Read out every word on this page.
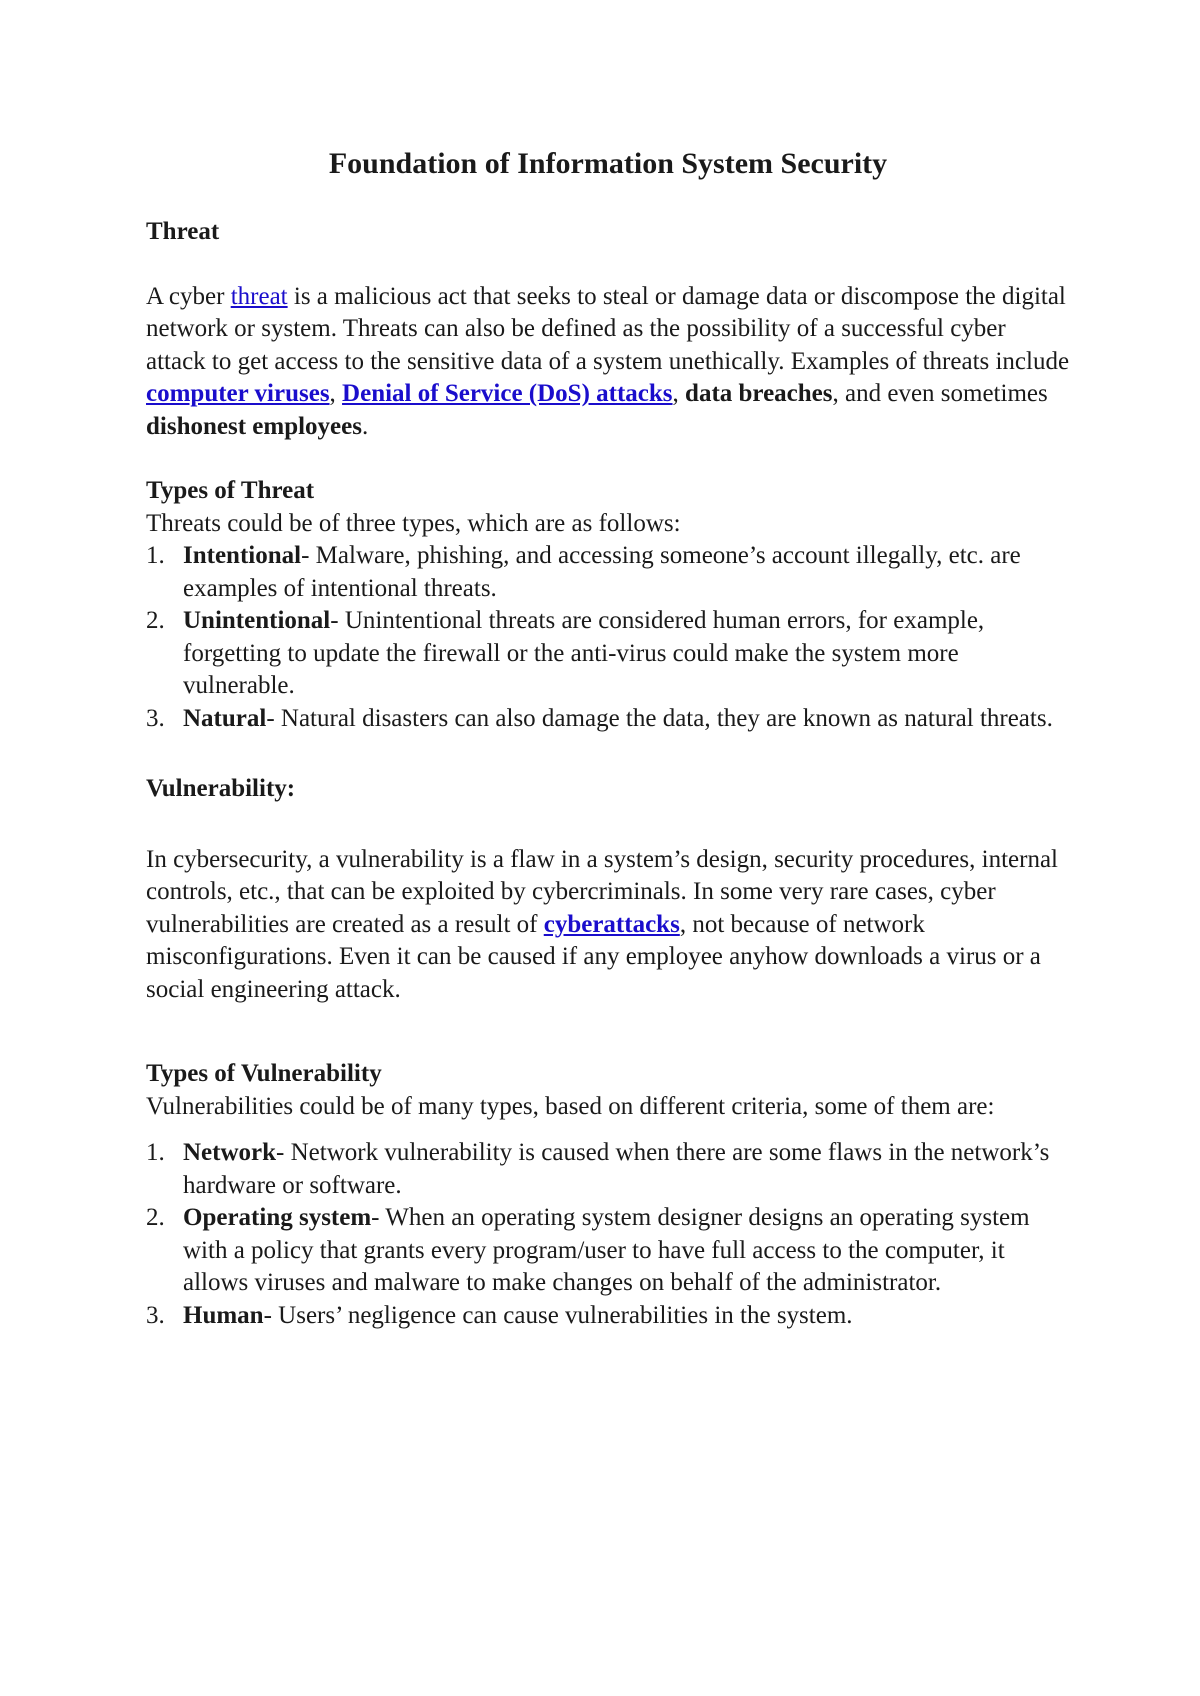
Foundation of Information System Security

Threat

A cyber threat is a malicious act that seeks to steal or damage data or discompose the digital network or system. Threats can also be defined as the possibility of a successful cyber attack to get access to the sensitive data of a system unethically. Examples of threats include computer viruses, Denial of Service (DoS) attacks, data breaches, and even sometimes dishonest employees.

Types of Threat

Threats could be of three types, which are as follows:

1. Intentional- Malware, phishing, and accessing someone’s account illegally, etc. are examples of intentional threats.
2. Unintentional- Unintentional threats are considered human errors, for example, forgetting to update the firewall or the anti-virus could make the system more vulnerable.
3. Natural- Natural disasters can also damage the data, they are known as natural threats.

Vulnerability:

In cybersecurity, a vulnerability is a flaw in a system’s design, security procedures, internal controls, etc., that can be exploited by cybercriminals. In some very rare cases, cyber vulnerabilities are created as a result of cyberattacks, not because of network misconfigurations. Even it can be caused if any employee anyhow downloads a virus or a social engineering attack.

Types of Vulnerability

Vulnerabilities could be of many types, based on different criteria, some of them are:

1. Network- Network vulnerability is caused when there are some flaws in the network’s hardware or software.
2. Operating system- When an operating system designer designs an operating system with a policy that grants every program/user to have full access to the computer, it allows viruses and malware to make changes on behalf of the administrator.
3. Human- Users’ negligence can cause vulnerabilities in the system.
